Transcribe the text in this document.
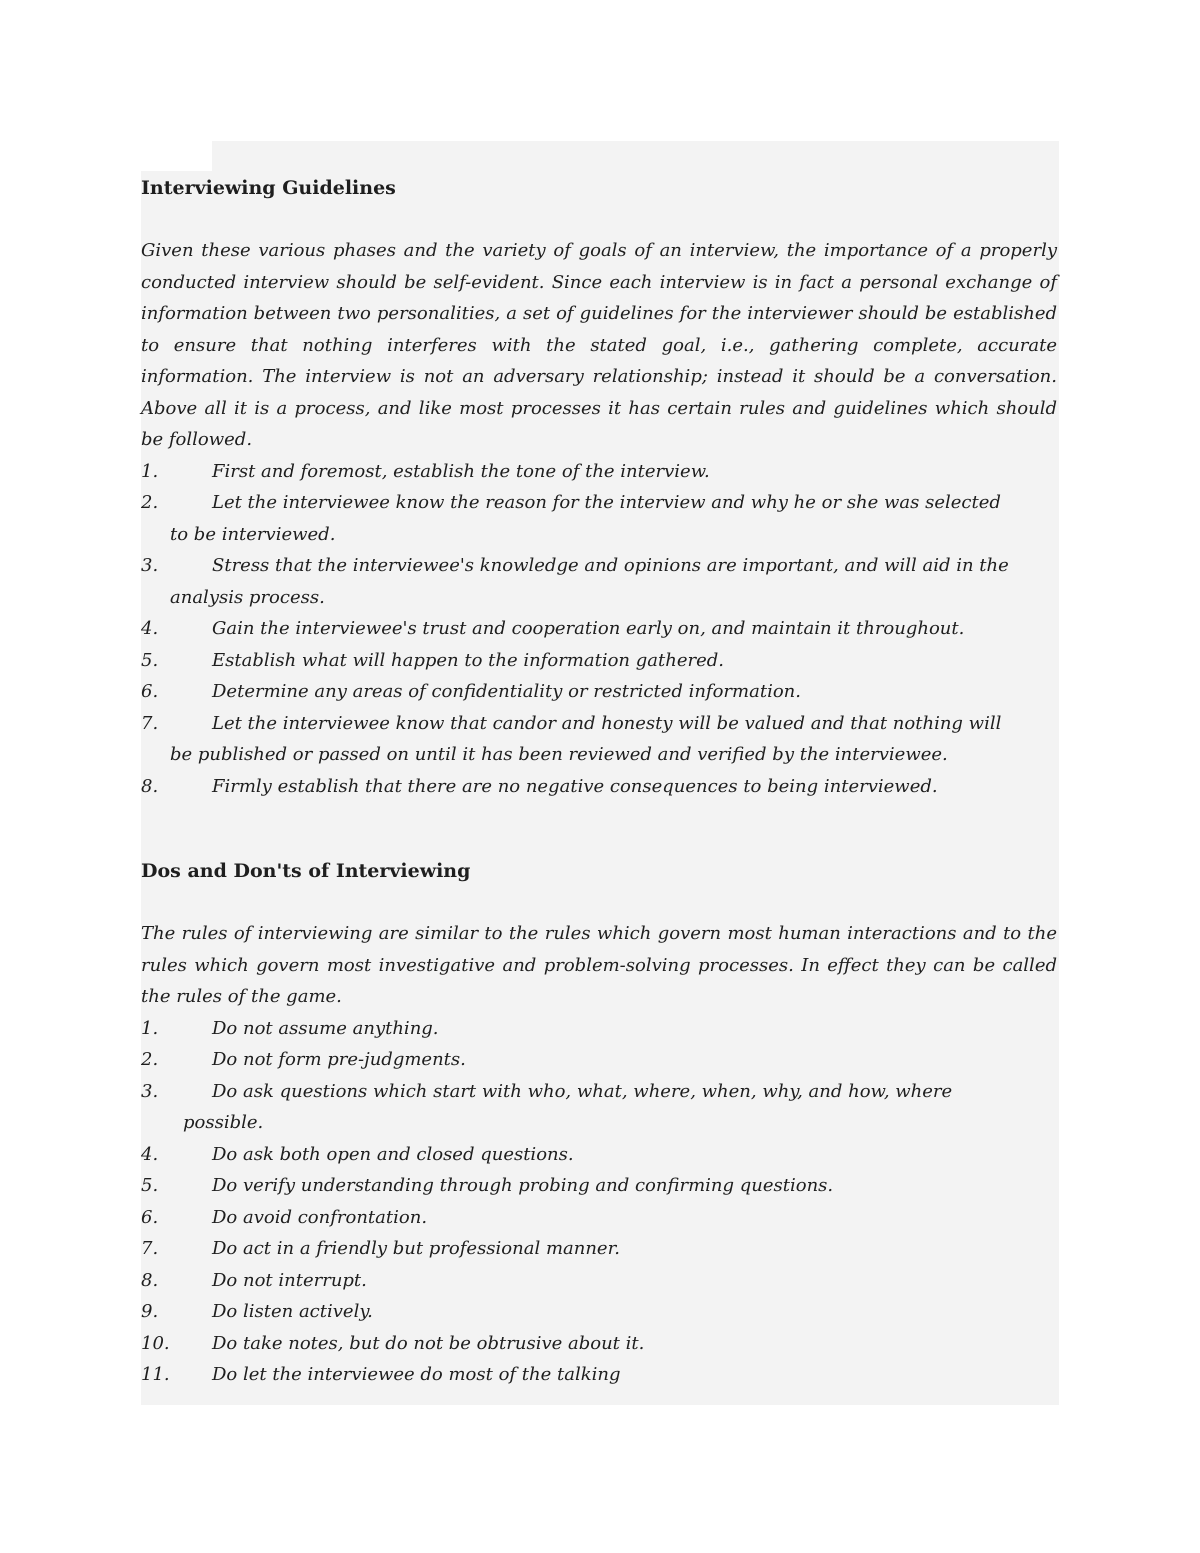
Interviewing Guidelines

Given these various phases and the variety of goals of an interview, the importance of a properly conducted interview should be self-evident. Since each interview is in fact a personal exchange of information between two personalities, a set of guidelines for the interviewer should be established to ensure that nothing interferes with the stated goal, i.e., gathering complete, accurate information. The interview is not an adversary relationship; instead it should be a conversation. Above all it is a process, and like most processes it has certain rules and guidelines which should be followed.

1.	First and foremost, establish the tone of the interview.
2.	Let the interviewee know the reason for the interview and why he or she was selected
to be interviewed.
3.	Stress that the interviewee's knowledge and opinions are important, and will aid in the
analysis process.
4.	Gain the interviewee's trust and cooperation early on, and maintain it throughout.
5.	Establish what will happen to the information gathered.
6.	Determine any areas of confidentiality or restricted information.
7.	Let the interviewee know that candor and honesty will be valued and that nothing will
be published or passed on until it has been reviewed and verified by the interviewee.
8.	Firmly establish that there are no negative consequences to being interviewed.
Dos and Don'ts of Interviewing

The rules of interviewing are similar to the rules which govern most human interactions and to the rules which govern most investigative and problem-solving processes. In effect they can be called the rules of the game.

1.	Do not assume anything.
2.	Do not form pre-judgments.
3.	Do ask questions which start with who, what, where, when, why, and how, where
possible.
4.	Do ask both open and closed questions.
5.	Do verify understanding through probing and confirming questions.
6.	Do avoid confrontation.
7.	Do act in a friendly but professional manner.
8.	Do not interrupt.
9.	Do listen actively.
10. Do take notes, but do not be obtrusive about it.
11. Do let the interviewee do most of the talking
